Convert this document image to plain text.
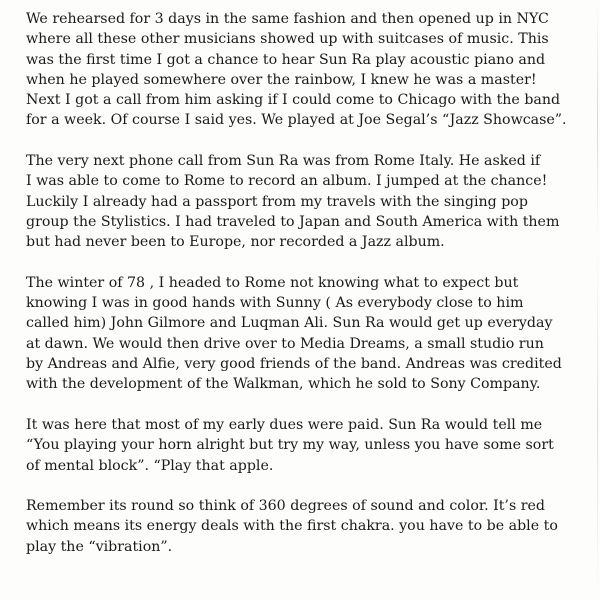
We rehearsed for 3 days in the same fashion and then opened up in NYC
where all these other musicians showed up with suitcases of music. This
was the first time I got a chance to hear Sun Ra play acoustic piano and
when he played somewhere over the rainbow, I knew he was a master!
Next I got a call from him asking if I could come to Chicago with the band
for a week. Of course I said yes. We played at Joe Segal’s “Jazz Showcase”.

The very next phone call from Sun Ra was from Rome Italy. He asked if
I was able to come to Rome to record an album. I jumped at the chance!
Luckily I already had a passport from my travels with the singing pop
group the Stylistics. I had traveled to Japan and South America with them
but had never been to Europe, nor recorded a Jazz album.

The winter of 78 , I headed to Rome not knowing what to expect but
knowing I was in good hands with Sunny ( As everybody close to him
called him) John Gilmore and Luqman Ali. Sun Ra would get up everyday
at dawn. We would then drive over to Media Dreams, a small studio run
by Andreas and Alfie, very good friends of the band. Andreas was credited
with the development of the Walkman, which he sold to Sony Company.

It was here that most of my early dues were paid. Sun Ra would tell me
“You playing your horn alright but try my way, unless you have some sort
of mental block”. “Play that apple.

Remember its round so think of 360 degrees of sound and color. It’s red
which means its energy deals with the first chakra. you have to be able to
play the “vibration”.
